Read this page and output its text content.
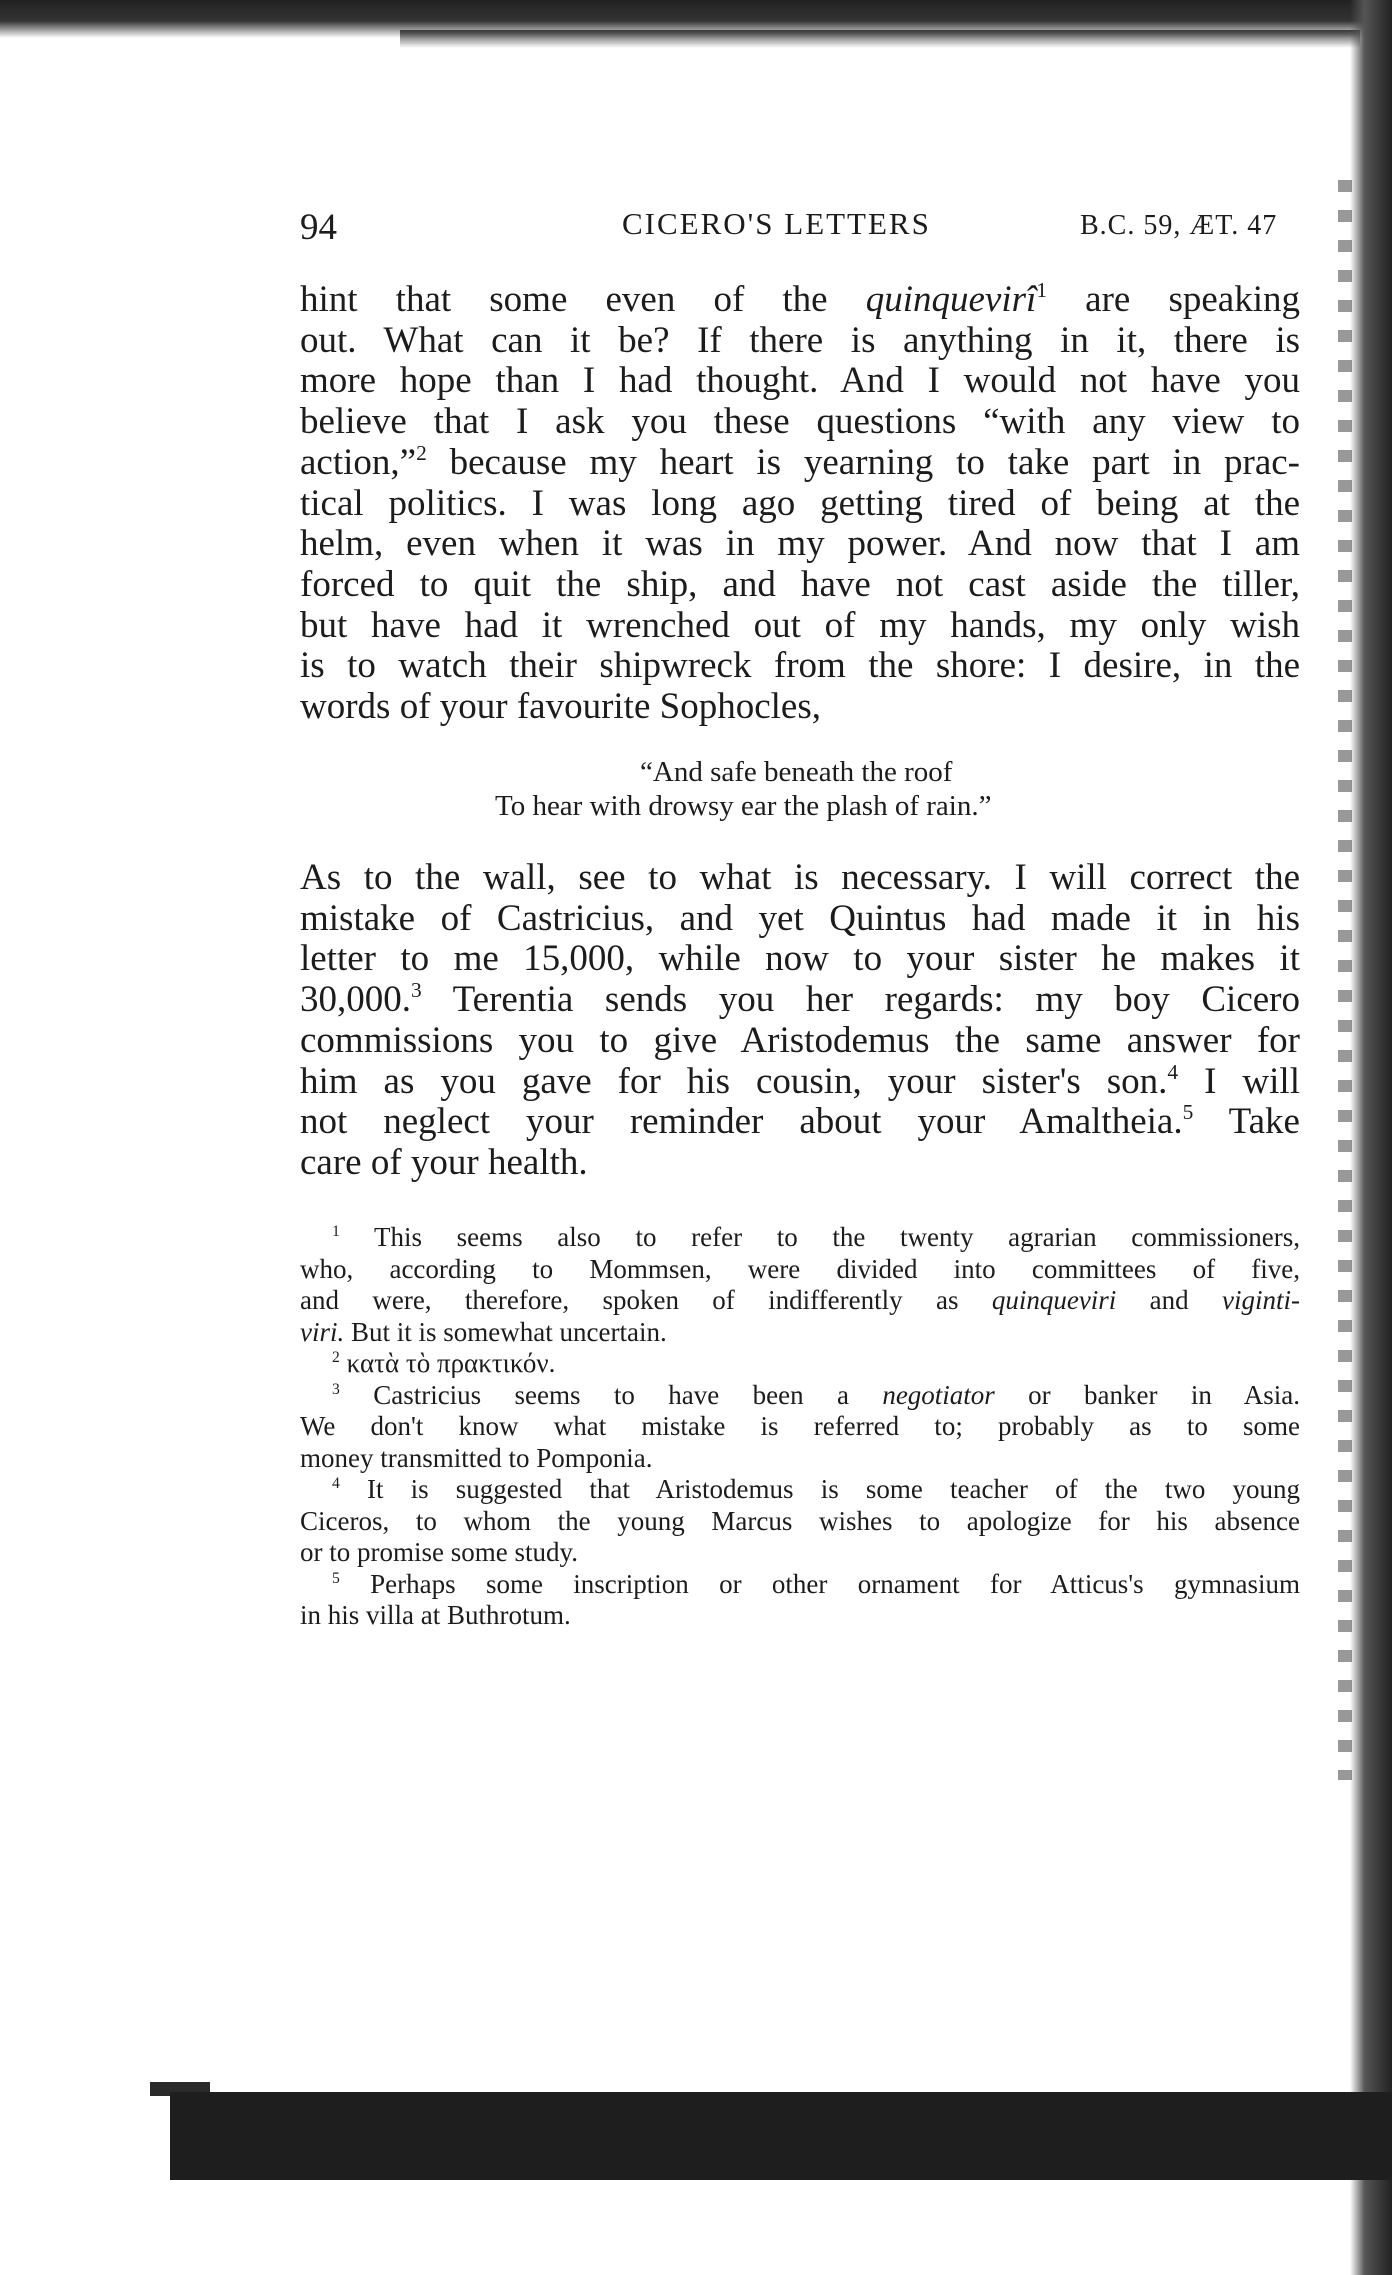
94	CICERO'S LETTERS	B.C. 59, ÆT. 47
hint that some even of the quinquevirî$^1$ are speaking
out. What can it be? If there is anything in it, there is
more hope than I had thought. And I would not have you
believe that I ask you these questions “with any view to
action,”$^2$ because my heart is yearning to take part in prac-
tical politics. I was long ago getting tired of being at the
helm, even when it was in my power. And now that I am
forced to quit the ship, and have not cast aside the tiller,
but have had it wrenched out of my hands, my only wish
is to watch their shipwreck from the shore: I desire, in the
words of your favourite Sophocles,
“And safe beneath the roof
To hear with drowsy ear the plash of rain.”
As to the wall, see to what is necessary. I will correct the
mistake of Castricius, and yet Quintus had made it in his
letter to me 15,000, while now to your sister he makes it
30,000.$^3$ Terentia sends you her regards: my boy Cicero
commissions you to give Aristodemus the same answer for
him as you gave for his cousin, your sister's son.$^4$ I will
not neglect your reminder about your Amaltheia.$^5$ Take
care of your health.
$^1$ This seems also to refer to the twenty agrarian commissioners,
who, according to Mommsen, were divided into committees of five,
and were, therefore, spoken of indifferently as quinqueviri and viginti-
viri. But it is somewhat uncertain.
$^2$ κατὰ τὸ πρακτικόν.
$^3$ Castricius seems to have been a negotiator or banker in Asia.
We don't know what mistake is referred to; probably as to some
money transmitted to Pomponia.
$^4$ It is suggested that Aristodemus is some teacher of the two young
Ciceros, to whom the young Marcus wishes to apologize for his absence
or to promise some study.
$^5$ Perhaps some inscription or other ornament for Atticus's gymnasium
in his villa at Buthrotum.
